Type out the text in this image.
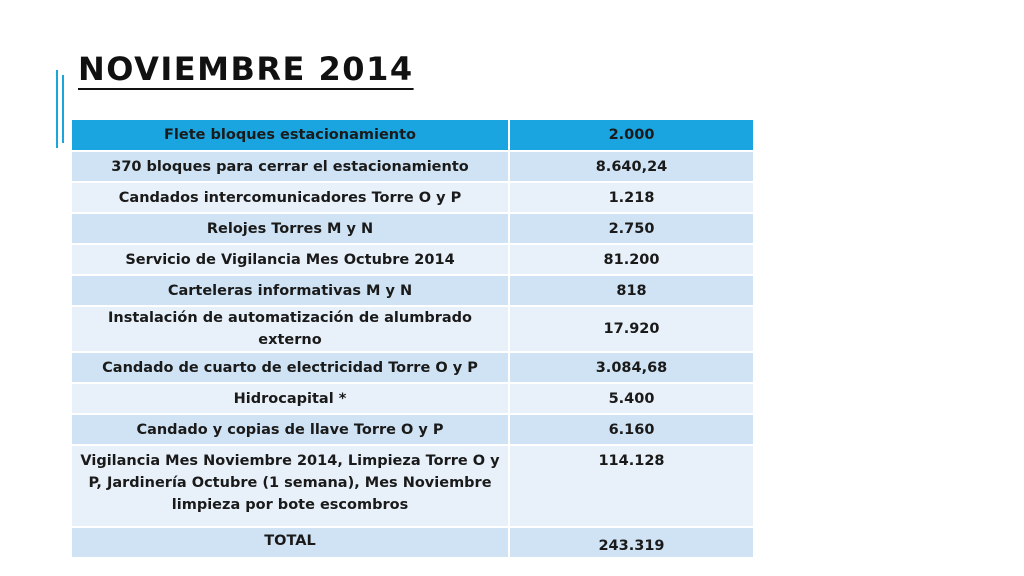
NOVIEMBRE 2014
Flete bloques estacionamiento	2.000
370 bloques para cerrar el estacionamiento	8.640,24
Candados intercomunicadores Torre O y P	1.218
Relojes Torres M y N	2.750
Servicio de Vigilancia Mes Octubre 2014	81.200
Carteleras informativas M y N	818
Instalación de automatización de alumbrado externo	17.920
Candado de cuarto de electricidad Torre O y P	3.084,68
Hidrocapital *	5.400
Candado y copias de llave Torre O y P	6.160
Vigilancia Mes Noviembre 2014, Limpieza Torre O y P, Jardinería Octubre (1 semana), Mes Noviembre limpieza por bote escombros	114.128
TOTAL	243.319
